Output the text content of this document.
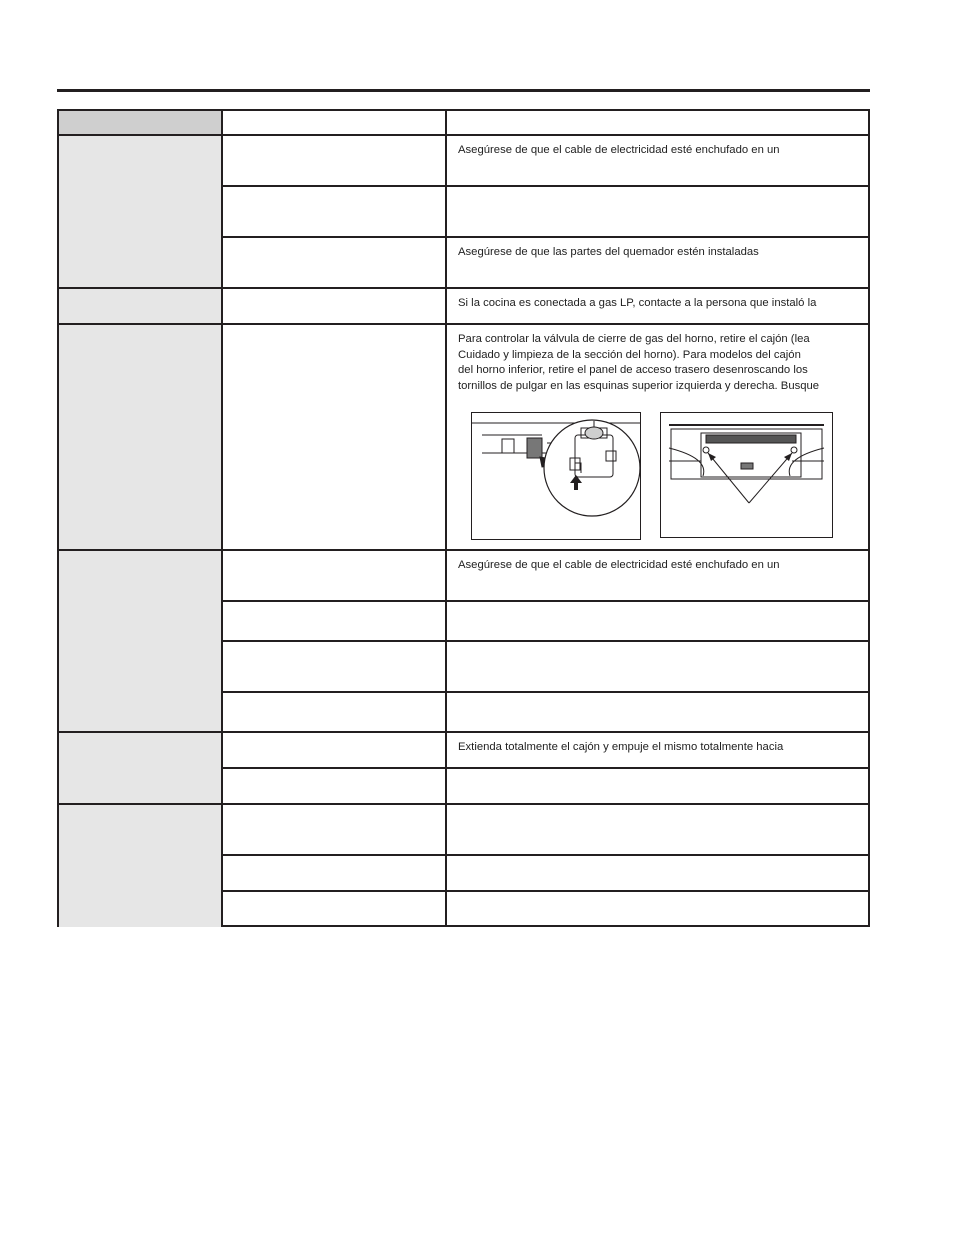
Asegúrese de que el cable de electricidad esté enchufado en un
Asegúrese de que las partes del quemador estén instaladas
Si la cocina es conectada a gas LP, contacte a la persona que instaló la
Para controlar la válvula de cierre de gas del horno, retire el cajón (lea
Cuidado y limpieza de la sección del horno). Para modelos del cajón
del horno inferior, retire el panel de acceso trasero desenroscando los
tornillos de pulgar en las esquinas superior izquierda y derecha. Busque
Asegúrese de que el cable de electricidad esté enchufado en un
Extienda totalmente el cajón y empuje el mismo totalmente hacia
